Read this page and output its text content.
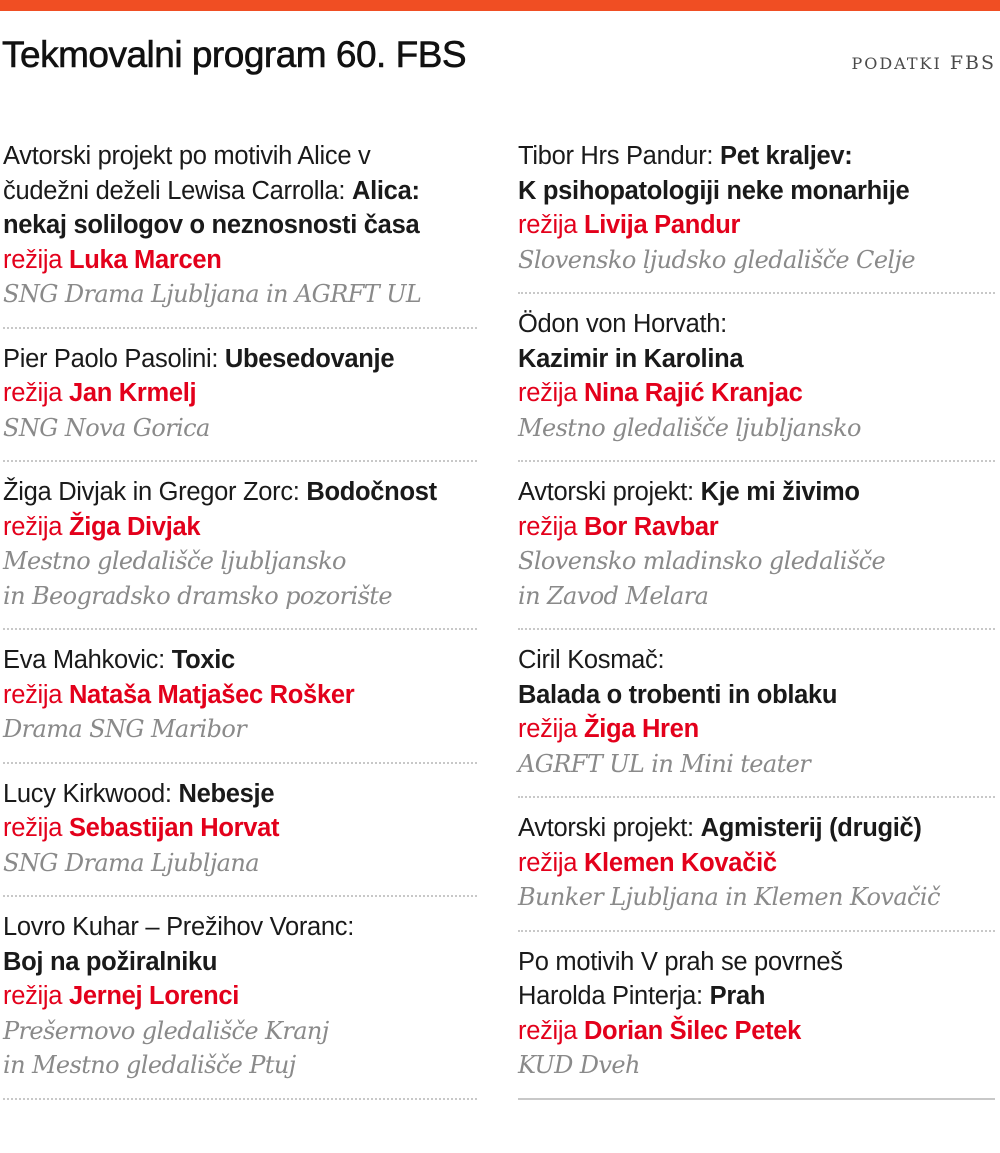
Tekmovalni program 60. FBS	PODATKI FBS
Avtorski projekt po motivih Alice v
čudežni deželi Lewisa Carrolla: Alica:
nekaj solilogov o neznosnosti časa
režija Luka Marcen
SNG Drama Ljubljana in AGRFT UL
Pier Paolo Pasolini: Ubesedovanje
režija Jan Krmelj
SNG Nova Gorica
Žiga Divjak in Gregor Zorc: Bodočnost
režija Žiga Divjak
Mestno gledališče ljubljansko
in Beogradsko dramsko pozorište
Eva Mahkovic: Toxic
režija Nataša Matjašec Rošker
Drama SNG Maribor
Lucy Kirkwood: Nebesje
režija Sebastijan Horvat
SNG Drama Ljubljana
Lovro Kuhar – Prežihov Voranc:
Boj na požiralniku
režija Jernej Lorenci
Prešernovo gledališče Kranj
in Mestno gledališče Ptuj
Tibor Hrs Pandur: Pet kraljev:
K psihopatologiji neke monarhije
režija Livija Pandur
Slovensko ljudsko gledališče Celje
Ödon von Horvath:
Kazimir in Karolina
režija Nina Rajić Kranjac
Mestno gledališče ljubljansko
Avtorski projekt: Kje mi živimo
režija Bor Ravbar
Slovensko mladinsko gledališče
in Zavod Melara
Ciril Kosmač:
Balada o trobenti in oblaku
režija Žiga Hren
AGRFT UL in Mini teater
Avtorski projekt: Agmisterij (drugič)
režija Klemen Kovačič
Bunker Ljubljana in Klemen Kovačič
Po motivih V prah se povrneš
Harolda Pinterja: Prah
režija Dorian Šilec Petek
KUD Dveh
